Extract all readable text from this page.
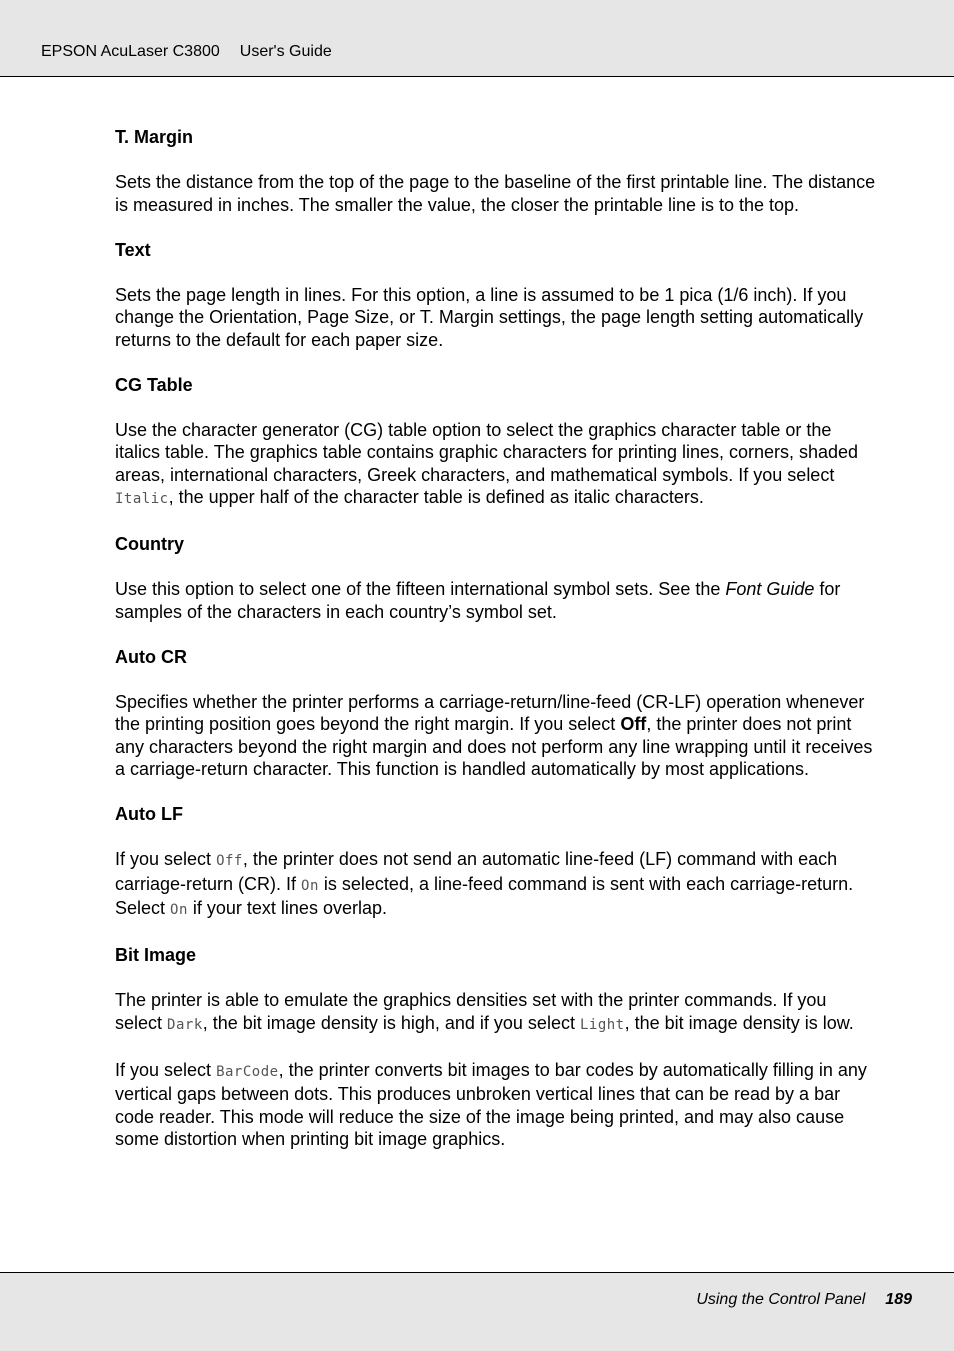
EPSON AcuLaser C3800 User's Guide
T. Margin

Sets the distance from the top of the page to the baseline of the first printable line. The distance is measured in inches. The smaller the value, the closer the printable line is to the top.

Text

Sets the page length in lines. For this option, a line is assumed to be 1 pica (1/6 inch). If you change the Orientation, Page Size, or T. Margin settings, the page length setting automatically returns to the default for each paper size.

CG Table

Use the character generator (CG) table option to select the graphics character table or the italics table. The graphics table contains graphic characters for printing lines, corners, shaded areas, international characters, Greek characters, and mathematical symbols. If you select Italic, the upper half of the character table is defined as italic characters.

Country

Use this option to select one of the fifteen international symbol sets. See the Font Guide for samples of the characters in each country’s symbol set.

Auto CR

Specifies whether the printer performs a carriage-return/line-feed (CR-LF) operation whenever the printing position goes beyond the right margin. If you select Off, the printer does not print any characters beyond the right margin and does not perform any line wrapping until it receives a carriage-return character. This function is handled automatically by most applications.

Auto LF

If you select Off, the printer does not send an automatic line-feed (LF) command with each carriage-return (CR). If On is selected, a line-feed command is sent with each carriage-return. Select On if your text lines overlap.

Bit Image

The printer is able to emulate the graphics densities set with the printer commands. If you select Dark, the bit image density is high, and if you select Light, the bit image density is low.

If you select BarCode, the printer converts bit images to bar codes by automatically filling in any vertical gaps between dots. This produces unbroken vertical lines that can be read by a bar code reader. This mode will reduce the size of the image being printed, and may also cause some distortion when printing bit image graphics.

Using the Control Panel 189
